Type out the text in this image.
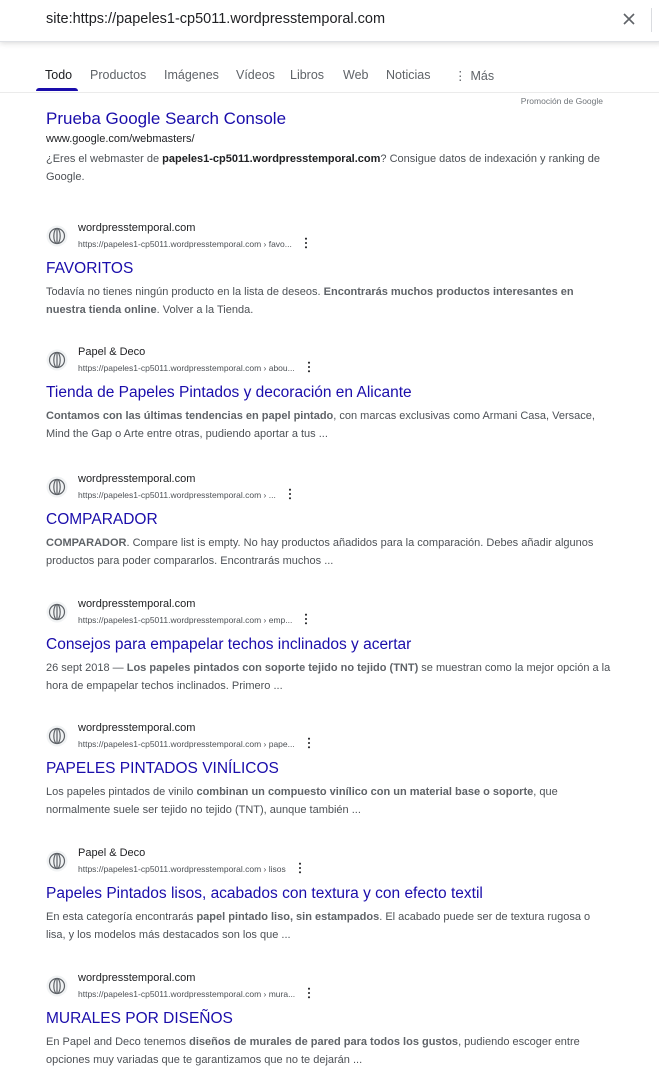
site:https://papeles1-cp5011.wordpresstemporal.com
Todo Productos Imágenes Vídeos Libros Web Noticias ⋮ Más
Promoción de Google
Prueba Google Search Console
www.google.com/webmasters/
¿Eres el webmaster de papeles1-cp5011.wordpresstemporal.com? Consigue datos de indexación y ranking de Google.
wordpresstemporal.com
https://papeles1-cp5011.wordpresstemporal.com › favo...
FAVORITOS
Todavía no tienes ningún producto en la lista de deseos. Encontrarás muchos productos interesantes en nuestra tienda online. Volver a la Tienda.
Papel & Deco
https://papeles1-cp5011.wordpresstemporal.com › abou...
Tienda de Papeles Pintados y decoración en Alicante
Contamos con las últimas tendencias en papel pintado, con marcas exclusivas como Armani Casa, Versace, Mind the Gap o Arte entre otras, pudiendo aportar a tus ...
wordpresstemporal.com
https://papeles1-cp5011.wordpresstemporal.com › ...
COMPARADOR
COMPARADOR. Compare list is empty. No hay productos añadidos para la comparación. Debes añadir algunos productos para poder compararlos. Encontrarás muchos ...
wordpresstemporal.com
https://papeles1-cp5011.wordpresstemporal.com › emp...
Consejos para empapelar techos inclinados y acertar
26 sept 2018 — Los papeles pintados con soporte tejido no tejido (TNT) se muestran como la mejor opción a la hora de empapelar techos inclinados. Primero ...
wordpresstemporal.com
https://papeles1-cp5011.wordpresstemporal.com › pape...
PAPELES PINTADOS VINÍLICOS
Los papeles pintados de vinilo combinan un compuesto vinílico con un material base o soporte, que normalmente suele ser tejido no tejido (TNT), aunque también ...
Papel & Deco
https://papeles1-cp5011.wordpresstemporal.com › lisos
Papeles Pintados lisos, acabados con textura y con efecto textil
En esta categoría encontrarás papel pintado liso, sin estampados. El acabado puede ser de textura rugosa o lisa, y los modelos más destacados son los que ...
wordpresstemporal.com
https://papeles1-cp5011.wordpresstemporal.com › mura...
MURALES POR DISEÑOS
En Papel and Deco tenemos diseños de murales de pared para todos los gustos, pudiendo escoger entre opciones muy variadas que te garantizamos que no te dejarán ...
